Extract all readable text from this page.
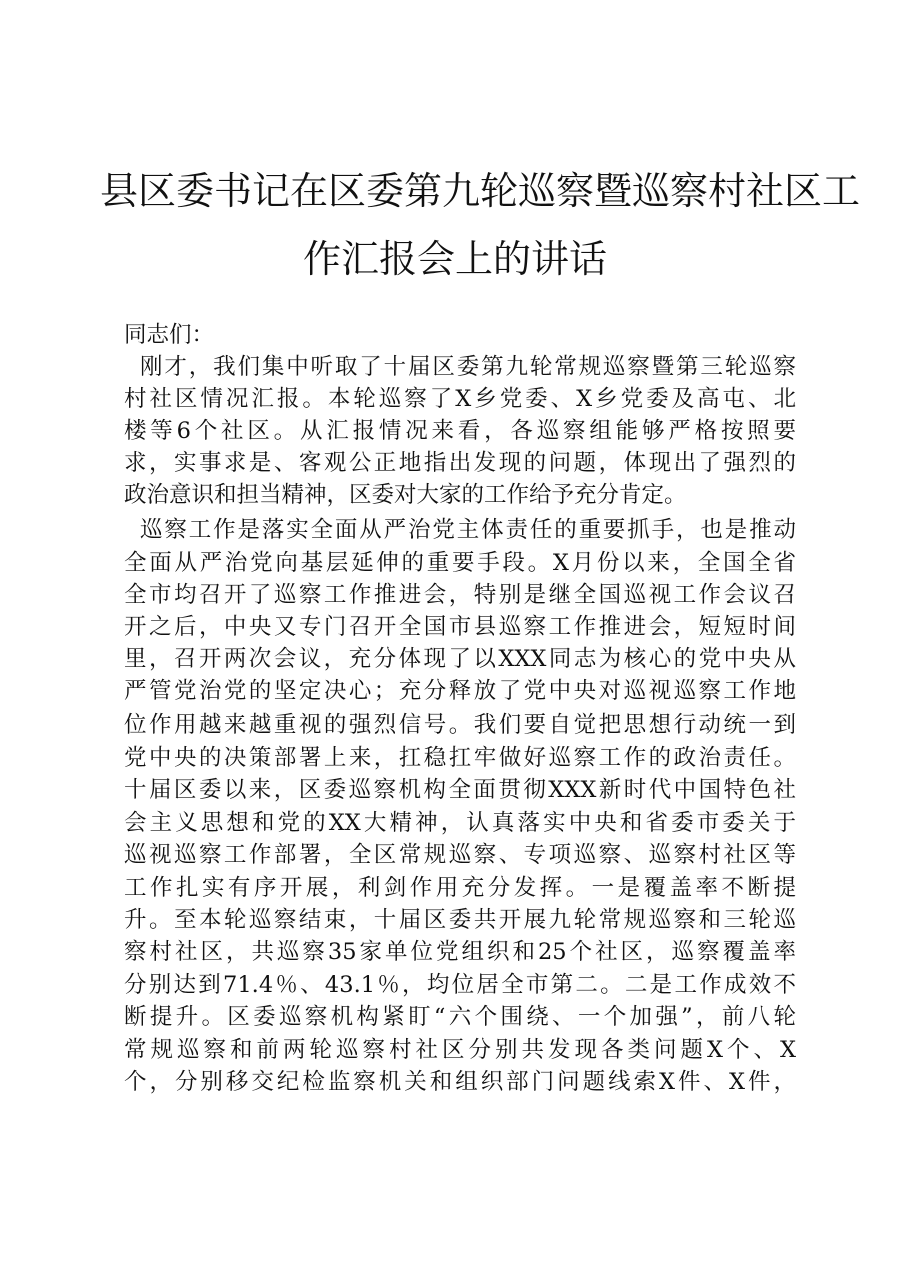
县区委书记在区委第九轮巡察暨巡察村社区工
作汇报会上的讲话

同志们：

刚才，我们集中听取了十届区委第九轮常规巡察暨第三轮巡察

村社区情况汇报。本轮巡察了X乡党委、X乡党委及高屯、北

楼等6个社区。从汇报情况来看，各巡察组能够严格按照要

求，实事求是、客观公正地指出发现的问题，体现出了强烈的

政治意识和担当精神，区委对大家的工作给予充分肯定。

巡察工作是落实全面从严治党主体责任的重要抓手，也是推动

全面从严治党向基层延伸的重要手段。X月份以来，全国全省

全市均召开了巡察工作推进会，特别是继全国巡视工作会议召

开之后，中央又专门召开全国市县巡察工作推进会，短短时间

里，召开两次会议，充分体现了以XXX同志为核心的党中央从

严管党治党的坚定决心；充分释放了党中央对巡视巡察工作地

位作用越来越重视的强烈信号。我们要自觉把思想行动统一到

党中央的决策部署上来，扛稳扛牢做好巡察工作的政治责任。

十届区委以来，区委巡察机构全面贯彻XXX新时代中国特色社

会主义思想和党的XX大精神，认真落实中央和省委市委关于

巡视巡察工作部署，全区常规巡察、专项巡察、巡察村社区等

工作扎实有序开展，利剑作用充分发挥。一是覆盖率不断提

升。至本轮巡察结束，十届区委共开展九轮常规巡察和三轮巡

察村社区，共巡察35家单位党组织和25个社区，巡察覆盖率

分别达到71.4％、43.1％，均位居全市第二。二是工作成效不

断提升。区委巡察机构紧盯“六个围绕、一个加强”，前八轮

常规巡察和前两轮巡察村社区分别共发现各类问题X个、X

个，分别移交纪检监察机关和组织部门问题线索X件、X件，
